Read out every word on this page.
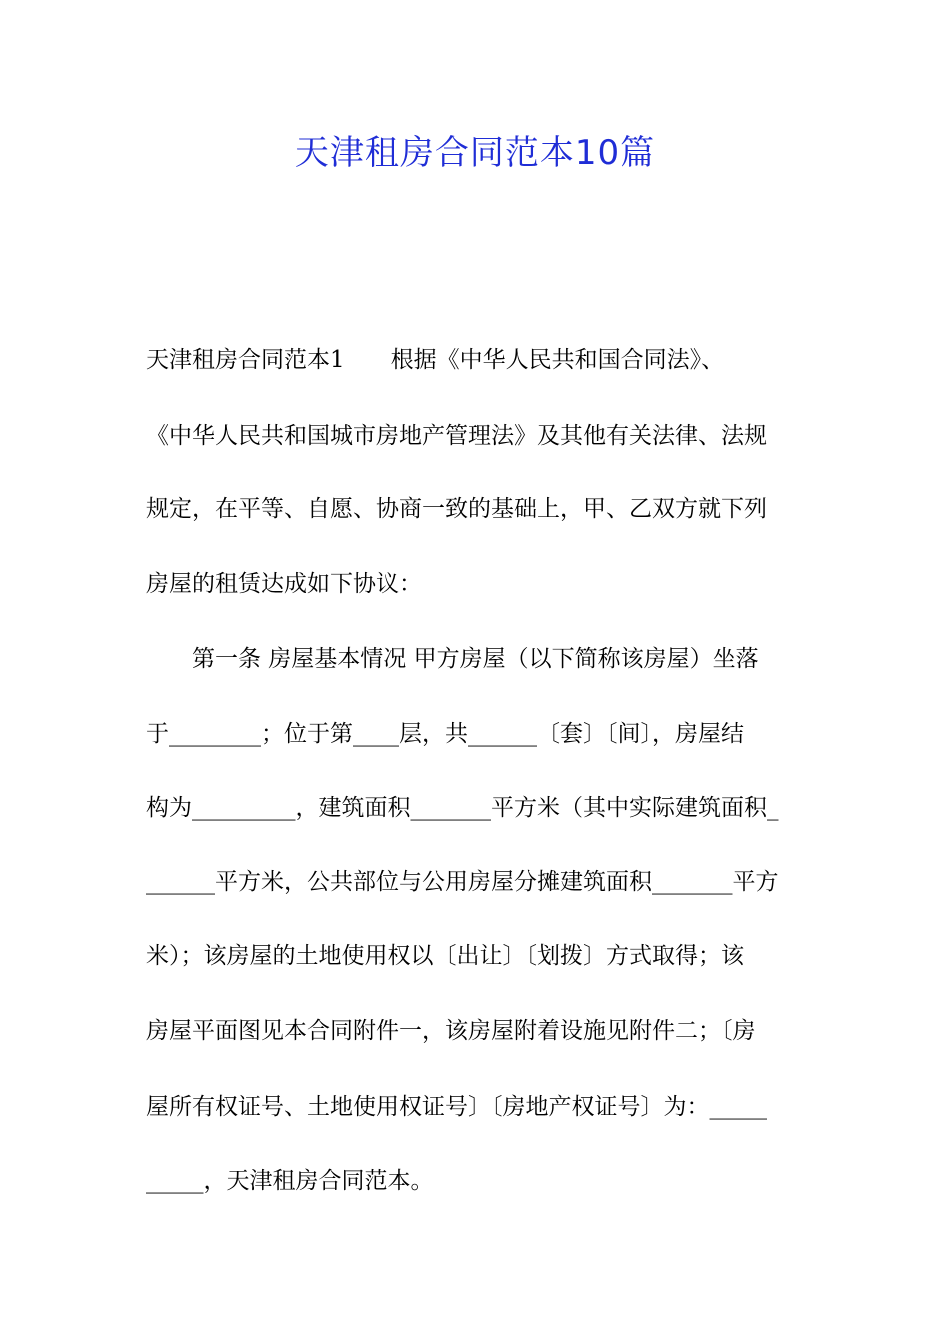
天津租房合同范本10篇
天津租房合同范本1　　根据《中华人民共和国合同法》、
《中华人民共和国城市房地产管理法》及其他有关法律、法规
规定，在平等、自愿、协商一致的基础上，甲、乙双方就下列
房屋的租赁达成如下协议：
　　第一条 房屋基本情况 甲方房屋（以下简称该房屋）坐落
于________；位于第____层，共______〔套〕〔间〕，房屋结
构为_________，建筑面积_______平方米（其中实际建筑面积_
______平方米，公共部位与公用房屋分摊建筑面积_______平方
米）；该房屋的土地使用权以〔出让〕〔划拨〕方式取得；该
房屋平面图见本合同附件一，该房屋附着设施见附件二；〔房
屋所有权证号、土地使用权证号〕〔房地产权证号〕为：_____
_____，天津租房合同范本。
